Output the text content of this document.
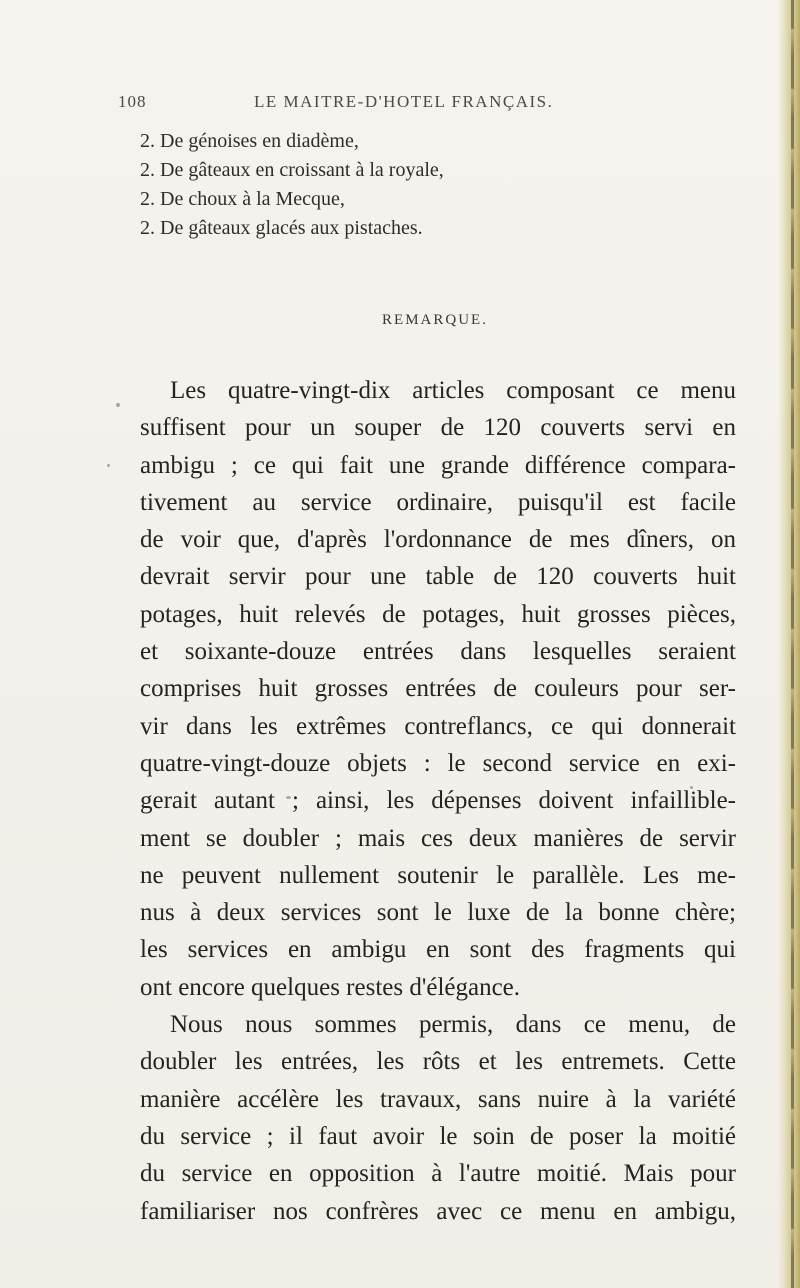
108	LE MAITRE-D'HOTEL FRANÇAIS.
2. De génoises en diadème,
2. De gâteaux en croissant à la royale,
2. De choux à la Mecque,
2. De gâteaux glacés aux pistaches.
REMARQUE.

Les quatre-vingt-dix articles composant ce menu

suffisent pour un souper de 120 couverts servi en

ambigu ; ce qui fait une grande différence compara-

tivement au service ordinaire, puisqu'il est facile

de voir que, d'après l'ordonnance de mes dîners, on

devrait servir pour une table de 120 couverts huit

potages, huit relevés de potages, huit grosses pièces,

et soixante-douze entrées dans lesquelles seraient

comprises huit grosses entrées de couleurs pour ser-

vir dans les extrêmes contreflancs, ce qui donnerait

quatre-vingt-douze objets : le second service en exi-

gerait autant ; ainsi, les dépenses doivent infaillible-

ment se doubler ; mais ces deux manières de servir

ne peuvent nullement soutenir le parallèle. Les me-

nus à deux services sont le luxe de la bonne chère;

les services en ambigu en sont des fragments qui

ont encore quelques restes d'élégance.

Nous nous sommes permis, dans ce menu, de

doubler les entrées, les rôts et les entremets. Cette

manière accélère les travaux, sans nuire à la variété

du service ; il faut avoir le soin de poser la moitié

du service en opposition à l'autre moitié. Mais pour

familiariser nos confrères avec ce menu en ambigu,
